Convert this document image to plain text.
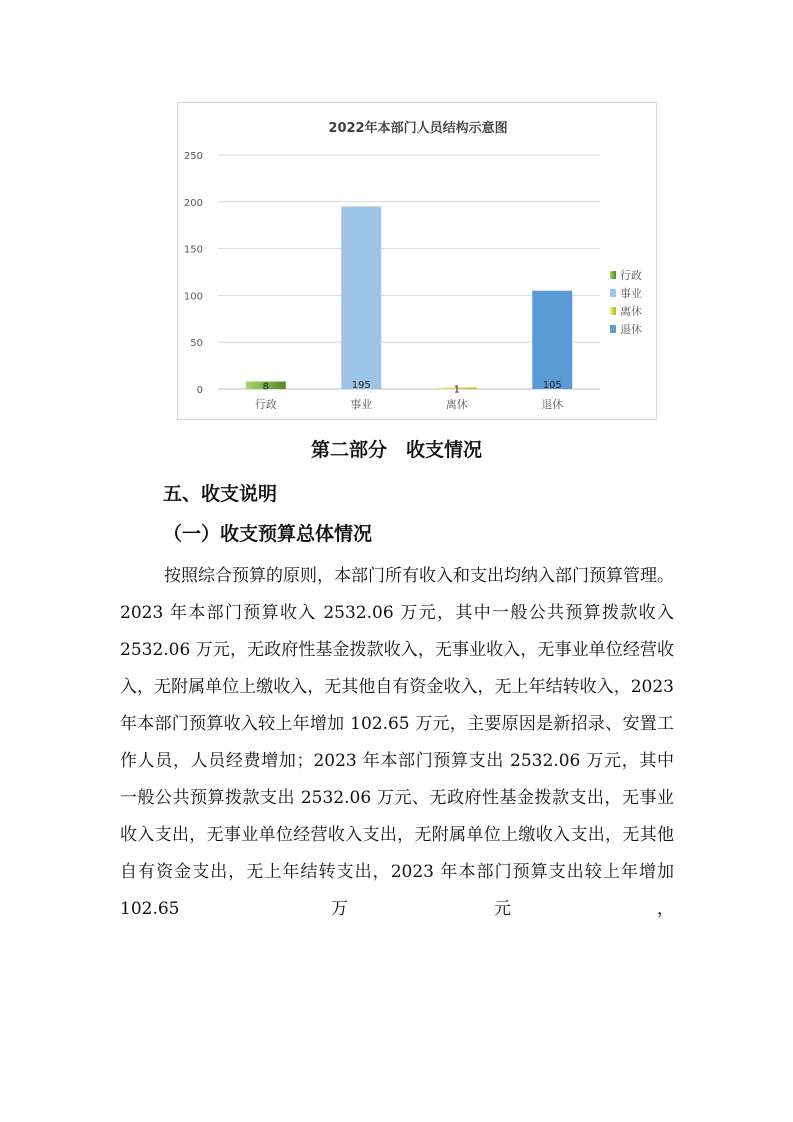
2022年本部门人员结构示意图
0
50
100
150
200
250
8	195	1	105
行政	事业	离休	退休
行政
事业
离休
退休
第二部分　收支情况
五、收支说明
（一）收支预算总体情况

按照综合预算的原则，本部门所有收入和支出均纳入部门预算管理。2023 年本部门预算收入 2532.06 万元，其中一般公共预算拨款收入 2532.06 万元，无政府性基金拨款收入，无事业收入，无事业单位经营收入，无附属单位上缴收入，无其他自有资金收入，无上年结转收入，2023 年本部门预算收入较上年增加 102.65 万元，主要原因是新招录、安置工作人员，人员经费增加；2023 年本部门预算支出 2532.06 万元，其中一般公共预算拨款支出 2532.06 万元、无政府性基金拨款支出，无事业收入支出，无事业单位经营收入支出，无附属单位上缴收入支出，无其他自有资金支出，无上年结转支出，2023 年本部门预算支出较上年增加 102.65 万元，
